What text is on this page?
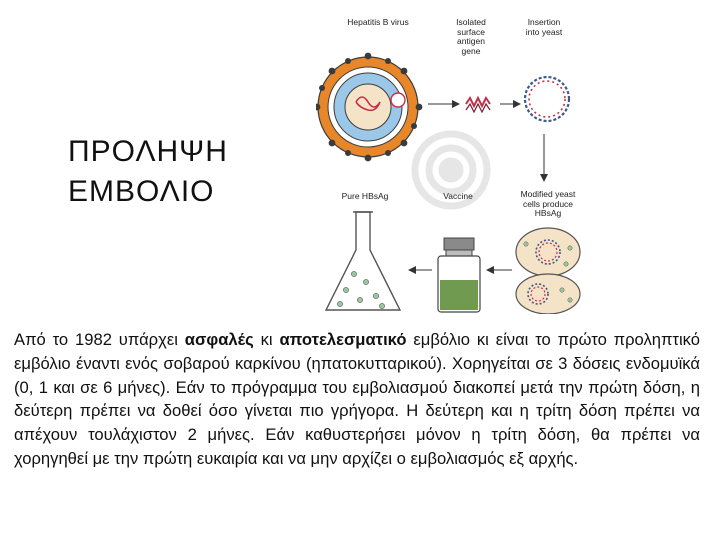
ΠΡΟΛΗΨΗ
ΕΜΒΟΛΙΟ
Hepatitis B virus	Isolated
surface
antigen
gene
Insertion
into yeast
Pure HBsAg	Vaccine	Modified yeast
cells produce
HBsAg
Από το 1982 υπάρχει ασφαλές κι αποτελεσματικό εμβόλιο κι είναι το πρώτο προληπτικό εμβόλιο έναντι ενός σοβαρού καρκίνου (ηπατοκυτταρικού). Χορηγείται σε 3 δόσεις ενδομυϊκά (0, 1 και σε 6 μήνες). Εάν το πρόγραμμα του εμβολιασμού διακοπεί μετά την πρώτη δόση, η δεύτερη πρέπει να δοθεί όσο γίνεται πιο γρήγορα. Η δεύτερη και η τρίτη δόση πρέπει να απέχουν τουλάχιστον 2 μήνες. Εάν καθυστερήσει μόνον η τρίτη δόση, θα πρέπει να χορηγηθεί με την πρώτη ευκαιρία και να μην αρχίζει ο εμβολιασμός εξ αρχής.
